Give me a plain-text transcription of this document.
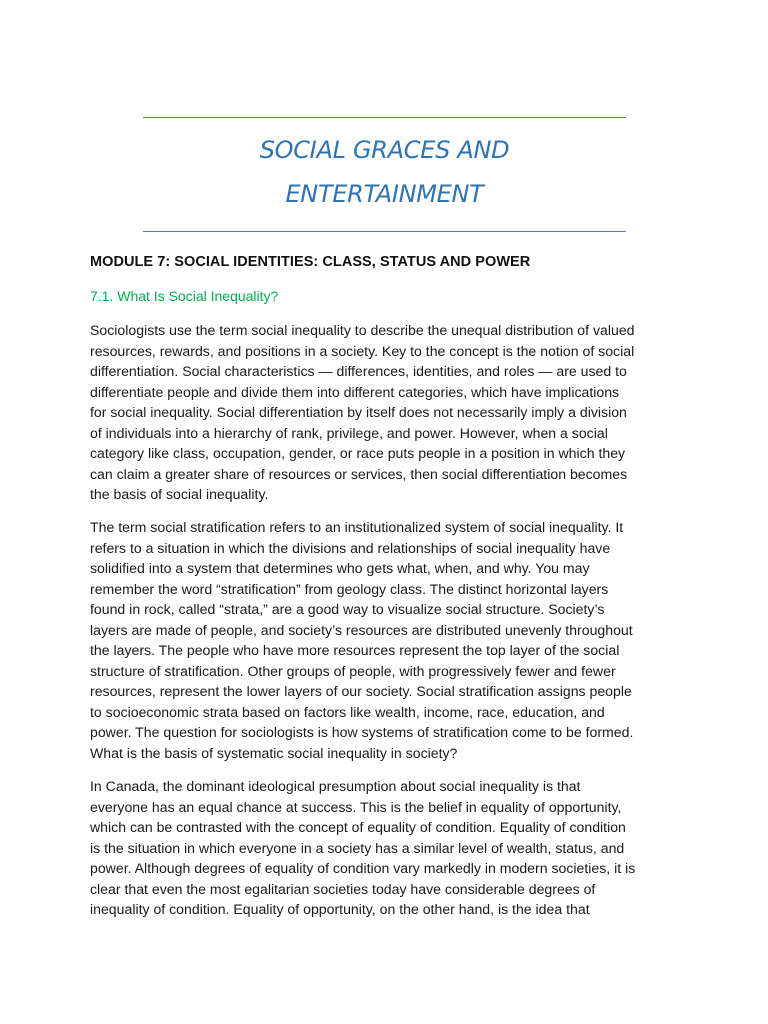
SOCIAL GRACES AND
ENTERTAINMENT
MODULE 7: SOCIAL IDENTITIES: CLASS, STATUS AND POWER
7.1. What Is Social Inequality?

Sociologists use the term social inequality to describe the unequal distribution of valued
resources, rewards, and positions in a society. Key to the concept is the notion of social
differentiation. Social characteristics — differences, identities, and roles — are used to
differentiate people and divide them into different categories, which have implications
for social inequality. Social differentiation by itself does not necessarily imply a division
of individuals into a hierarchy of rank, privilege, and power. However, when a social
category like class, occupation, gender, or race puts people in a position in which they
can claim a greater share of resources or services, then social differentiation becomes
the basis of social inequality.

The term social stratification refers to an institutionalized system of social inequality. It
refers to a situation in which the divisions and relationships of social inequality have
solidified into a system that determines who gets what, when, and why. You may
remember the word “stratification” from geology class. The distinct horizontal layers
found in rock, called “strata,” are a good way to visualize social structure. Society’s
layers are made of people, and society’s resources are distributed unevenly throughout
the layers. The people who have more resources represent the top layer of the social
structure of stratification. Other groups of people, with progressively fewer and fewer
resources, represent the lower layers of our society. Social stratification assigns people
to socioeconomic strata based on factors like wealth, income, race, education, and
power. The question for sociologists is how systems of stratification come to be formed.
What is the basis of systematic social inequality in society?

In Canada, the dominant ideological presumption about social inequality is that
everyone has an equal chance at success. This is the belief in equality of opportunity,
which can be contrasted with the concept of equality of condition. Equality of condition
is the situation in which everyone in a society has a similar level of wealth, status, and
power. Although degrees of equality of condition vary markedly in modern societies, it is
clear that even the most egalitarian societies today have considerable degrees of
inequality of condition. Equality of opportunity, on the other hand, is the idea that
